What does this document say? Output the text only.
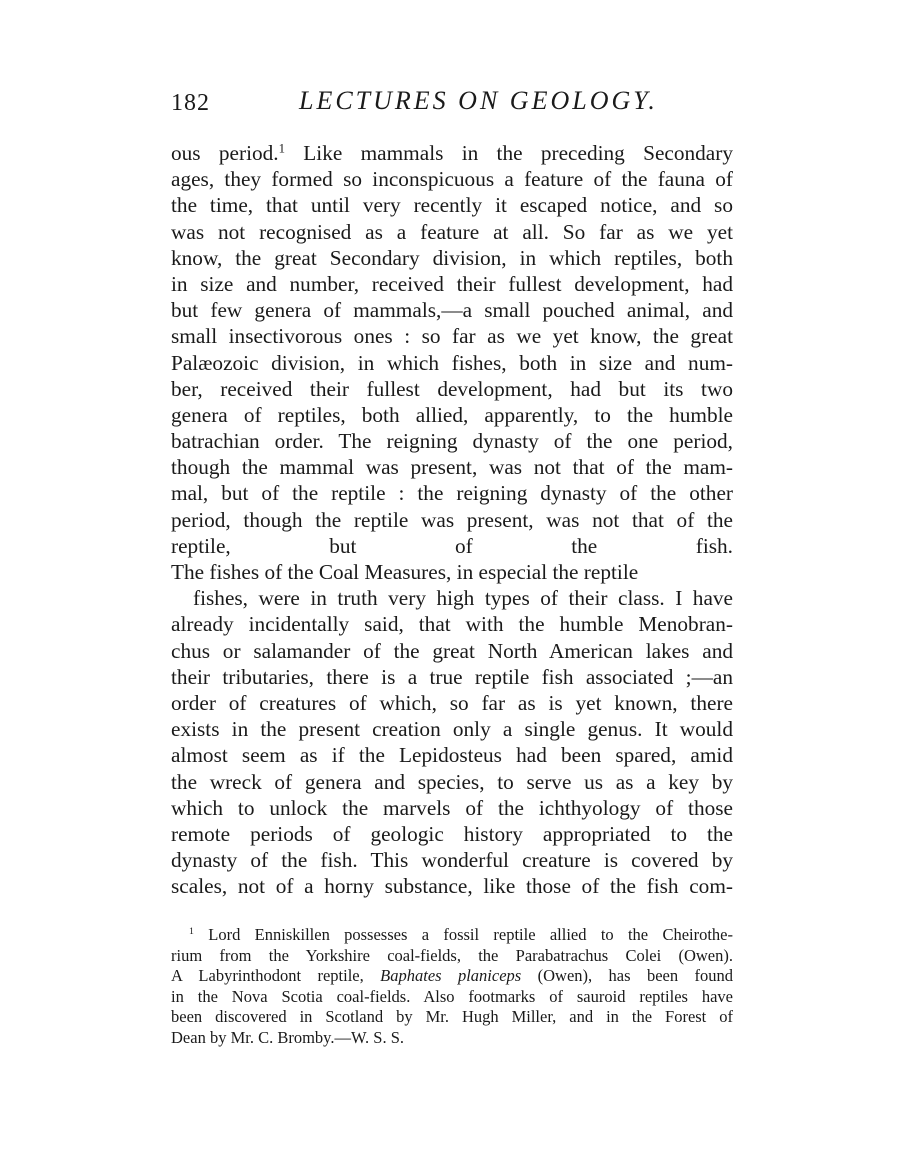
182	LECTURES ON GEOLOGY.
ous period.$^1$ Like mammals in the preceding Secondary
ages, they formed so inconspicuous a feature of the fauna of
the time, that until very recently it escaped notice, and so
was not recognised as a feature at all. So far as we yet
know, the great Secondary division, in which reptiles, both
in size and number, received their fullest development, had
but few genera of mammals,—a small pouched animal, and
small insectivorous ones : so far as we yet know, the great
Palæozoic division, in which fishes, both in size and num-
ber, received their fullest development, had but its two
genera of reptiles, both allied, apparently, to the humble
batrachian order. The reigning dynasty of the one period,
though the mammal was present, was not that of the mam-
mal, but of the reptile : the reigning dynasty of the other
period, though the reptile was present, was not that of the
reptile, but of the fish.
The fishes of the Coal Measures, in especial the reptile
fishes, were in truth very high types of their class. I have
already incidentally said, that with the humble Menobran-
chus or salamander of the great North American lakes and
their tributaries, there is a true reptile fish associated ;—an
order of creatures of which, so far as is yet known, there
exists in the present creation only a single genus. It would
almost seem as if the Lepidosteus had been spared, amid
the wreck of genera and species, to serve us as a key by
which to unlock the marvels of the ichthyology of those
remote periods of geologic history appropriated to the
dynasty of the fish. This wonderful creature is covered by
scales, not of a horny substance, like those of the fish com-
$^1$ Lord Enniskillen possesses a fossil reptile allied to the Cheirothe-
rium from the Yorkshire coal-fields, the Parabatrachus Colei (Owen).
A Labyrinthodont reptile, Baphates planiceps (Owen), has been found
in the Nova Scotia coal-fields. Also footmarks of sauroid reptiles have
been discovered in Scotland by Mr. Hugh Miller, and in the Forest of
Dean by Mr. C. Bromby.—W. S. S.
